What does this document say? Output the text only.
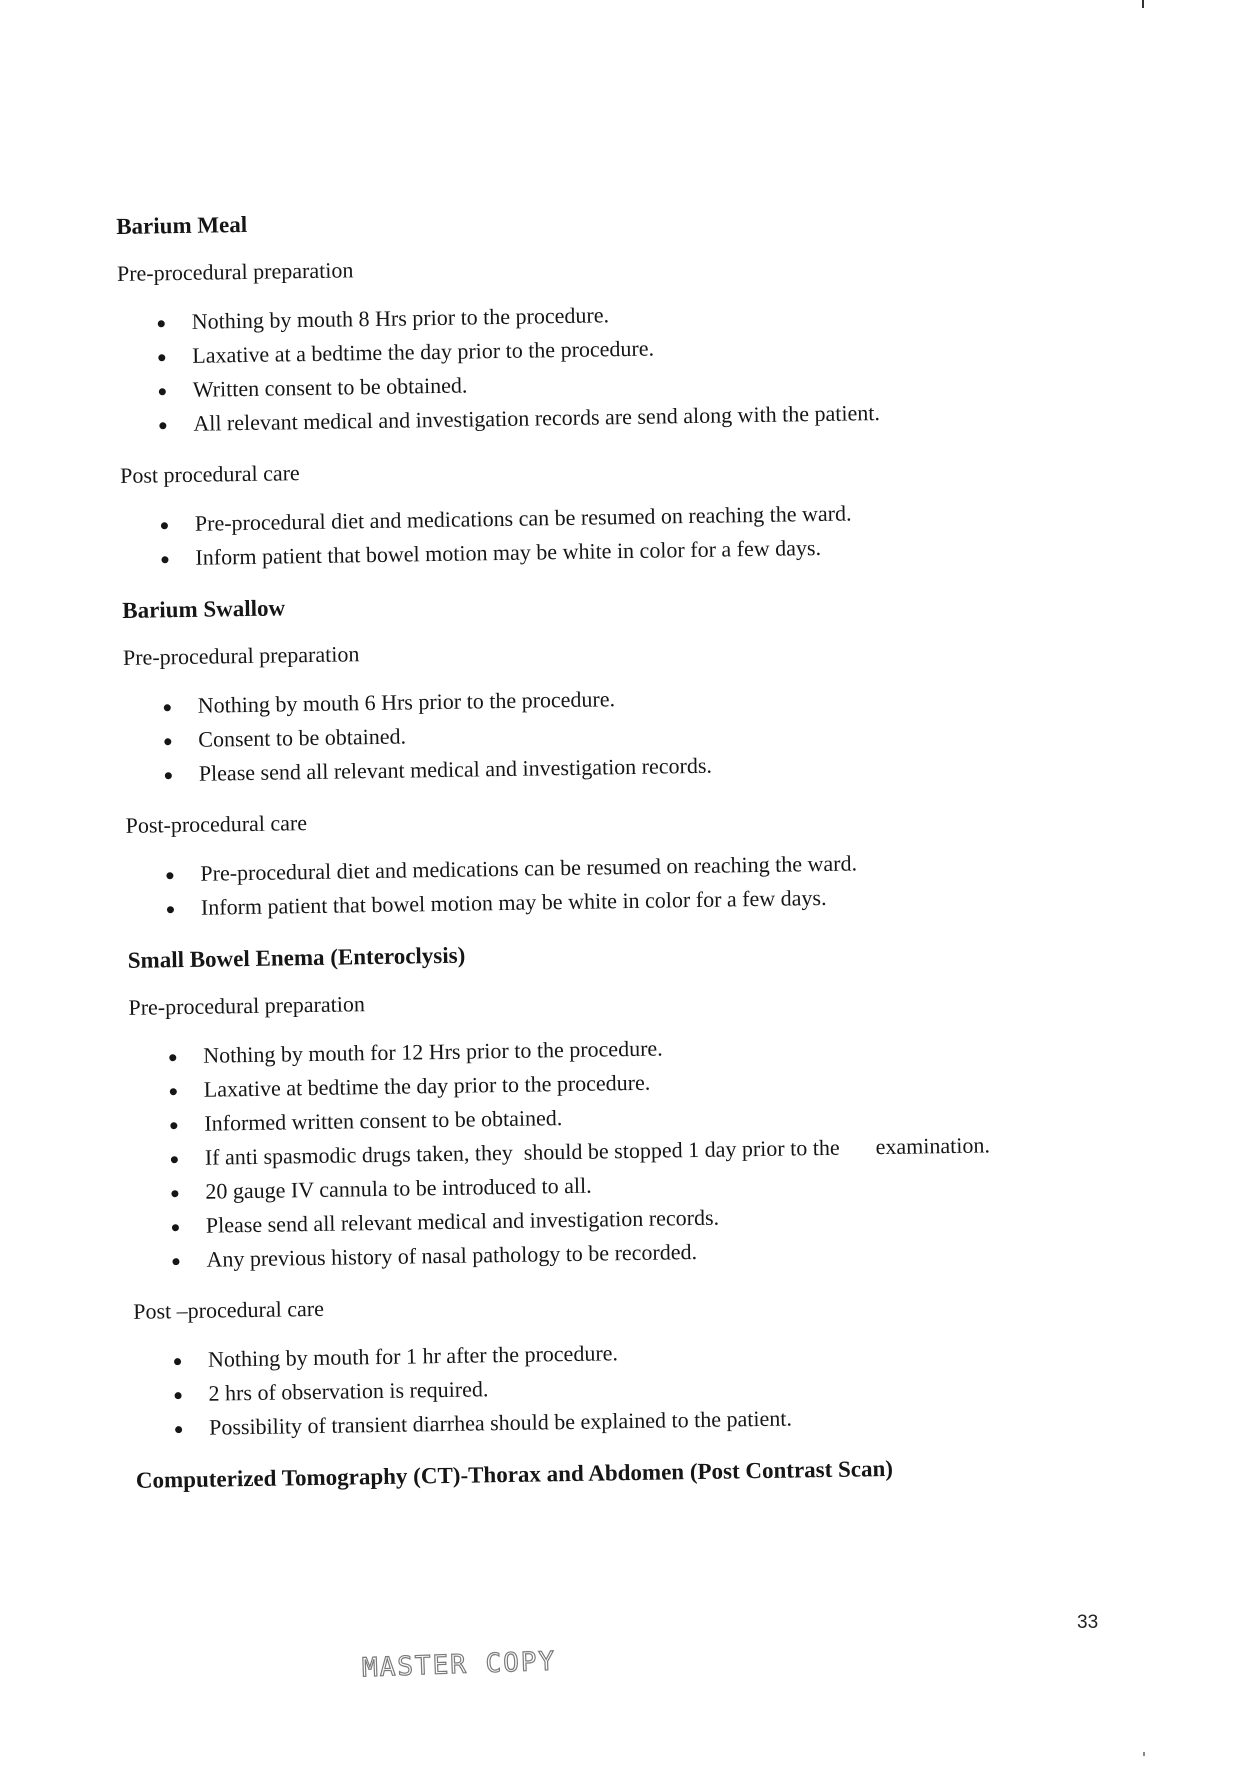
Barium Meal
Pre-procedural preparation
Nothing by mouth 8 Hrs prior to the procedure.
Laxative at a bedtime the day prior to the procedure.
Written consent to be obtained.
All relevant medical and investigation records are send along with the patient.
Post procedural care
Pre-procedural diet and medications can be resumed on reaching the ward.
Inform patient that bowel motion may be white in color for a few days.
Barium Swallow
Pre-procedural preparation
Nothing by mouth 6 Hrs prior to the procedure.
Consent to be obtained.
Please send all relevant medical and investigation records.
Post-procedural care
Pre-procedural diet and medications can be resumed on reaching the ward.
Inform patient that bowel motion may be white in color for a few days.
Small Bowel Enema (Enteroclysis)
Pre-procedural preparation
Nothing by mouth for 12 Hrs prior to the procedure.
Laxative at bedtime the day prior to the procedure.
Informed written consent to be obtained.
If anti spasmodic drugs taken, they  should be stopped 1 day prior to the examination.
20 gauge IV cannula to be introduced to all.
Please send all relevant medical and investigation records.
Any previous history of nasal pathology to be recorded.
Post –procedural care
Nothing by mouth for 1 hr after the procedure.
2 hrs of observation is required.
Possibility of transient diarrhea should be explained to the patient.
Computerized Tomography (CT)-Thorax and Abdomen (Post Contrast Scan)
33
MASTER COPY
